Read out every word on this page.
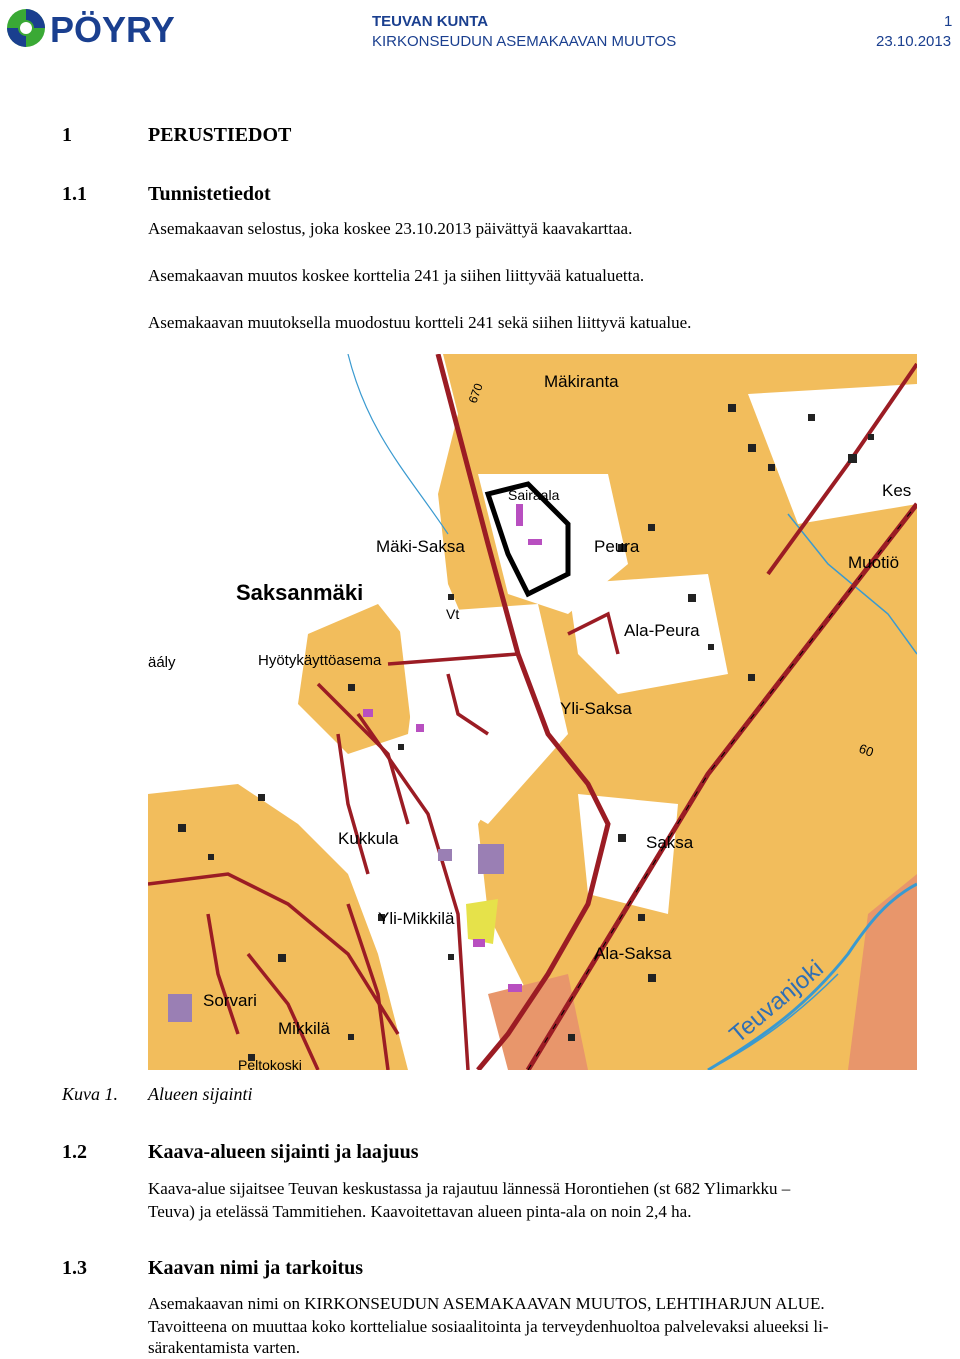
PÖYRY	TEUVAN KUNTA
KIRKONSEUDUN ASEMAKAAVAN MUUTOS
1
23.10.2013
1	PERUSTIEDOT
1.1	Tunnistetiedot
Asemakaavan selostus, joka koskee 23.10.2013 päivättyä kaavakarttaa.
Asemakaavan muutos koskee korttelia 241 ja siihen liittyvää katualuetta.
Asemakaavan muutoksella muodostuu kortteli 241 sekä siihen liittyvä katualue.
Mäkiranta
Sairaala	Kes
Mäki-Saksa	Peura
Muotiö
Saksanmäki
Vt
Ala-Peura
äály	Hyötykäyttöasema
Yli-Saksa
60
Kukkula	Saksa
Yli-Mikkilä
Ala-Saksa
Teuvanjoki
Sorvari
Mikkilä
Peltokoski
670
Kuva 1. Alueen sijainti
1.2	Kaava-alueen sijainti ja laajuus
Kaava-alue sijaitsee Teuvan keskustassa ja rajautuu lännessä Horontiehen (st 682 Ylimarkku –
Teuva) ja etelässä Tammitiehen. Kaavoitettavan alueen pinta-ala on noin 2,4 ha.
1.3	Kaavan nimi ja tarkoitus
Asemakaavan nimi on KIRKONSEUDUN ASEMAKAAVAN MUUTOS, LEHTIHARJUN ALUE.
Tavoitteena on muuttaa koko korttelialue sosiaalitointa ja terveydenhuoltoa palvelevaksi alueeksi li-
särakentamista varten.
